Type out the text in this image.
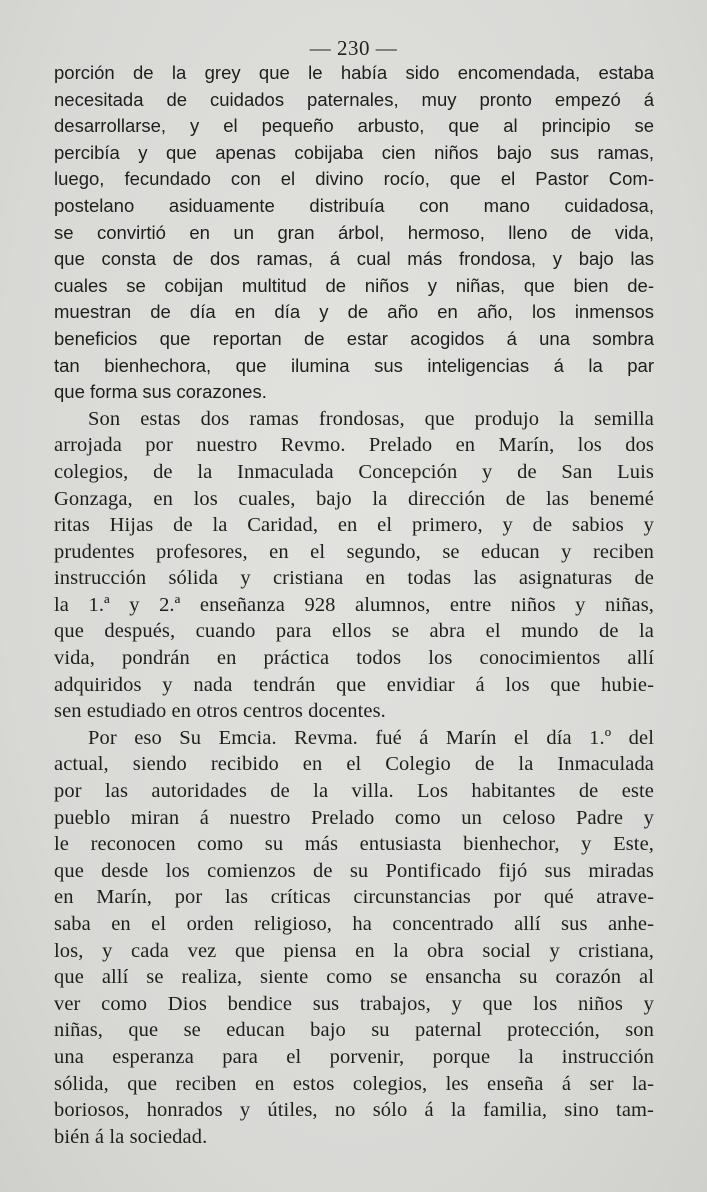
— 230 —
porción de la grey que le había sido encomendada, estaba
necesitada de cuidados paternales, muy pronto empezó á
desarrollarse, y el pequeño arbusto, que al principio se
percibía y que apenas cobijaba cien niños bajo sus ramas,
luego, fecundado con el divino rocío, que el Pastor Com-
postelano asiduamente distribuía con mano cuidadosa,
se convirtió en un gran árbol, hermoso, lleno de vida,
que consta de dos ramas, á cual más frondosa, y bajo las
cuales se cobijan multitud de niños y niñas, que bien de-
muestran de día en día y de año en año, los inmensos
beneficios que reportan de estar acogidos á una sombra
tan bienhechora, que ilumina sus inteligencias á la par
que forma sus corazones.
Son estas dos ramas frondosas, que produjo la semilla
arrojada por nuestro Revmo. Prelado en Marín, los dos
colegios, de la Inmaculada Concepción y de San Luis
Gonzaga, en los cuales, bajo la dirección de las benemé
ritas Hijas de la Caridad, en el primero, y de sabios y
prudentes profesores, en el segundo, se educan y reciben
instrucción sólida y cristiana en todas las asignaturas de
la 1.ª y 2.ª enseñanza 928 alumnos, entre niños y niñas,
que después, cuando para ellos se abra el mundo de la
vida, pondrán en práctica todos los conocimientos allí
adquiridos y nada tendrán que envidiar á los que hubie-
sen estudiado en otros centros docentes.
Por eso Su Emcia. Revma. fué á Marín el día 1.º del
actual, siendo recibido en el Colegio de la Inmaculada
por las autoridades de la villa. Los habitantes de este
pueblo miran á nuestro Prelado como un celoso Padre y
le reconocen como su más entusiasta bienhechor, y Este,
que desde los comienzos de su Pontificado fijó sus miradas
en Marín, por las críticas circunstancias por qué atrave-
saba en el orden religioso, ha concentrado allí sus anhe-
los, y cada vez que piensa en la obra social y cristiana,
que allí se realiza, siente como se ensancha su corazón al
ver como Dios bendice sus trabajos, y que los niños y
niñas, que se educan bajo su paternal protección, son
una esperanza para el porvenir, porque la instrucción
sólida, que reciben en estos colegios, les enseña á ser la-
boriosos, honrados y útiles, no sólo á la familia, sino tam-
bién á la sociedad.
